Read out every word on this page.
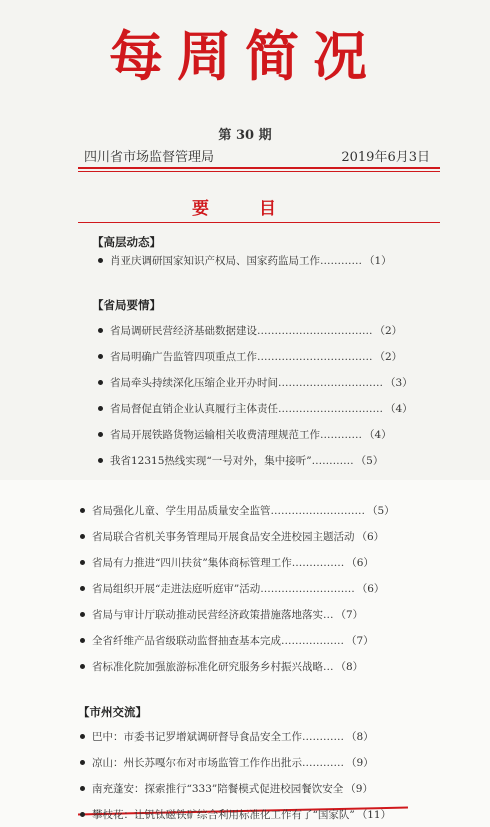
每周简况
第 30 期
四川省市场监督管理局	2019年6月3日
要 目
【高层动态】
肖亚庆调研国家知识产权局、国家药监局工作………… （1）
【省局要情】
省局调研民营经济基础数据建设…………………………… （2）
省局明确广告监管四项重点工作…………………………… （2）
省局牵头持续深化压缩企业开办时间………………………… （3）
省局督促直销企业认真履行主体责任………………………… （4）
省局开展铁路货物运输相关收费清理规范工作………… （4）
我省12315热线实现“一号对外，集中接听”………… （5）
省局强化儿童、学生用品质量安全监管……………………… （5）
省局联合省机关事务管理局开展食品安全进校园主题活动 （6）
省局有力推进“四川扶贫”集体商标管理工作…………… （6）
省局组织开展“走进法庭听庭审”活动……………………… （6）
省局与审计厅联动推动民营经济政策措施落地落实… （7）
全省纤维产品省级联动监督抽查基本完成……………… （7）
省标准化院加强旅游标准化研究服务乡村振兴战略… （8）
【市州交流】
巴中：市委书记罗增斌调研督导食品安全工作………… （8）
凉山：州长苏嘎尔布对市场监管工作作出批示………… （9）
南充蓬安：探索推行“333”陪餐模式促进校园餐饮安全 （9）
攀枝花：让钒钛磁铁矿综合利用标准化工作有了“国家队” （11）
